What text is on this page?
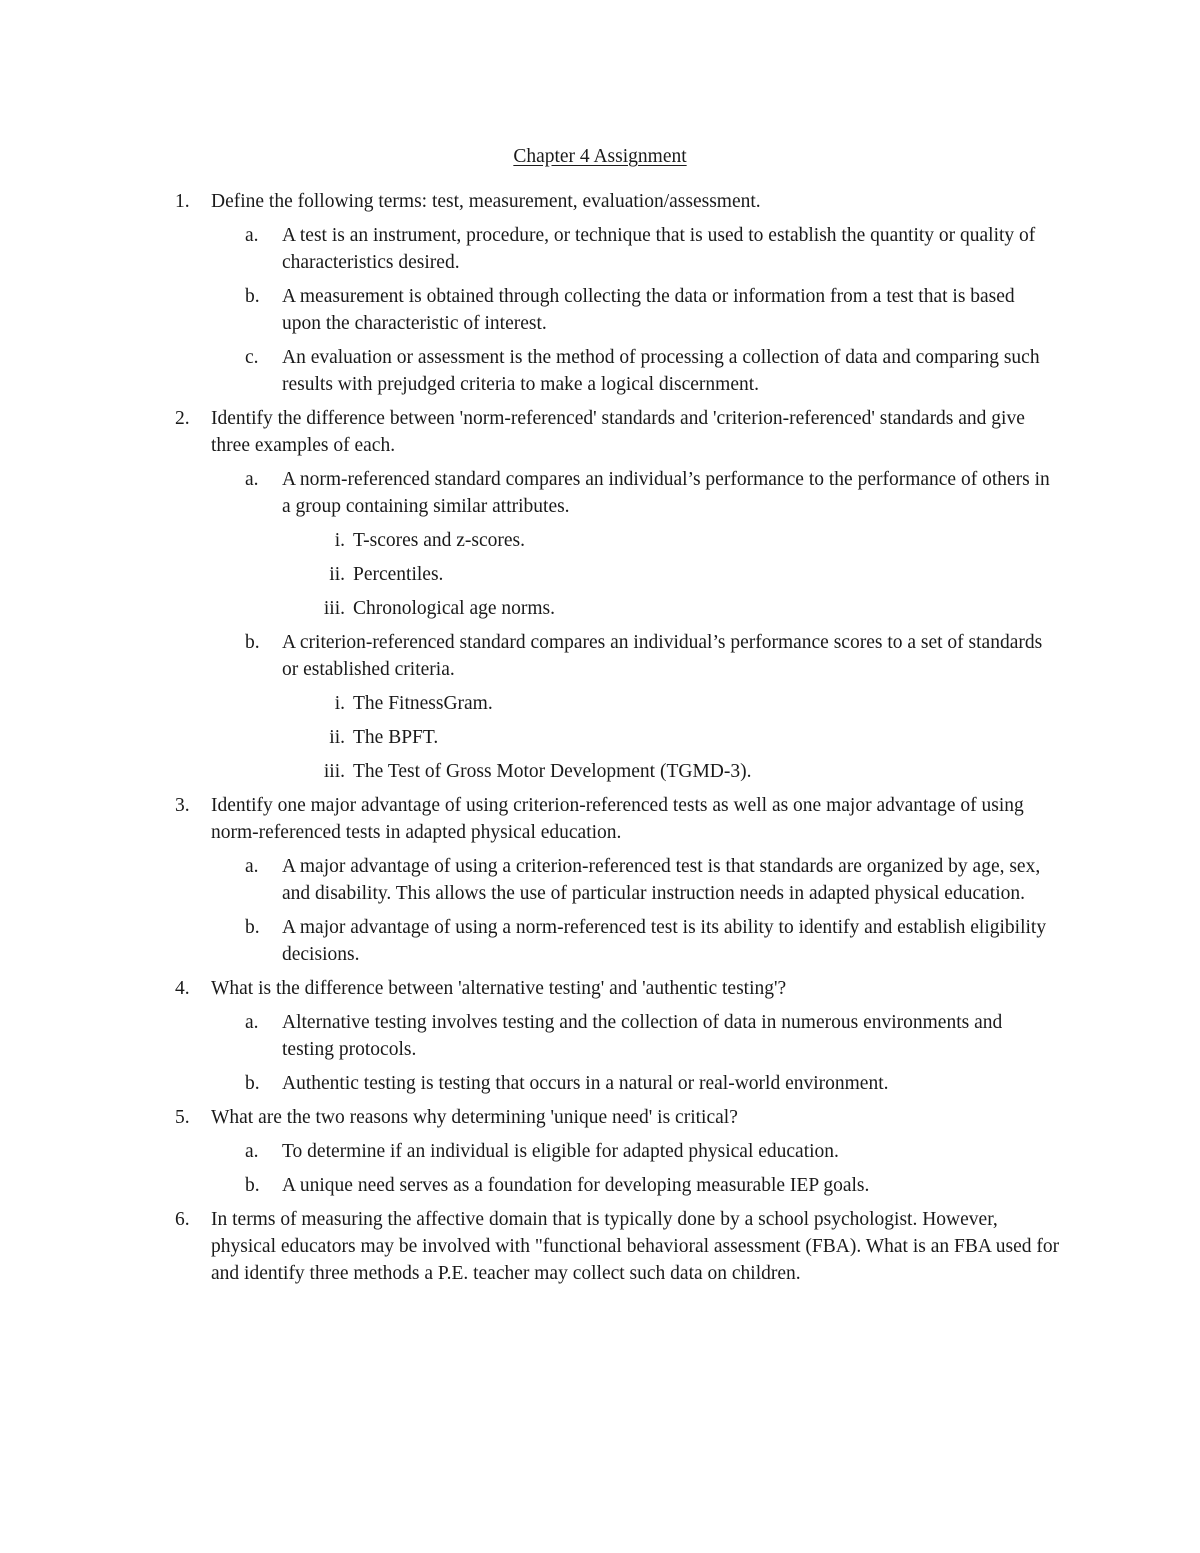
Chapter 4 Assignment
1.	Define the following terms: test, measurement, evaluation/assessment.
a.	A test is an instrument, procedure, or technique that is used to establish the quantity or quality of characteristics desired.
b.	A measurement is obtained through collecting the data or information from a test that is based upon the characteristic of interest.
c.	An evaluation or assessment is the method of processing a collection of data and comparing such results with prejudged criteria to make a logical discernment.
2.	Identify the difference between 'norm-referenced' standards and 'criterion-referenced' standards and give three examples of each.
a.	A norm-referenced standard compares an individual’s performance to the performance of others in a group containing similar attributes.
i. T-scores and z-scores.
ii. Percentiles.
iii. Chronological age norms.
b.	A criterion-referenced standard compares an individual’s performance scores to a set of standards or established criteria.
i. The FitnessGram.
ii. The BPFT.
iii. The Test of Gross Motor Development (TGMD-3).
3.	Identify one major advantage of using criterion-referenced tests as well as one major advantage of using norm-referenced tests in adapted physical education.
a.	A major advantage of using a criterion-referenced test is that standards are organized by age, sex, and disability. This allows the use of particular instruction needs in adapted physical education.
b.	A major advantage of using a norm-referenced test is its ability to identify and establish eligibility decisions.
4.	What is the difference between 'alternative testing' and 'authentic testing'?
a.	Alternative testing involves testing and the collection of data in numerous environments and testing protocols.
b.	Authentic testing is testing that occurs in a natural or real-world environment.
5.	What are the two reasons why determining 'unique need' is critical?
a.	To determine if an individual is eligible for adapted physical education.
b.	A unique need serves as a foundation for developing measurable IEP goals.
6.	In terms of measuring the affective domain that is typically done by a school psychologist. However, physical educators may be involved with "functional behavioral assessment (FBA). What is an FBA used for and identify three methods a P.E. teacher may collect such data on children.
